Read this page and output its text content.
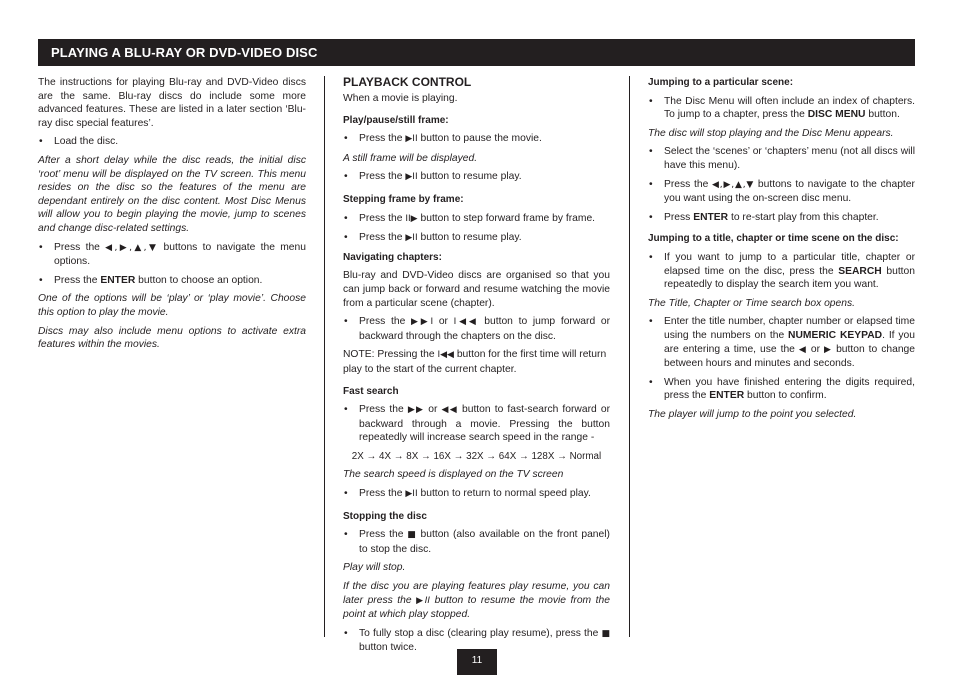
PLAYING A BLU-RAY OR DVD-VIDEO DISC

The instructions for playing Blu-ray and DVD-Video discs are the same. Blu-ray discs do include some more advanced features. These are listed in a later section ‘Blu-ray disc special features’.

• Load the disc.

After a short delay while the disc reads, the initial disc ‘root’ menu will be displayed on the TV screen. This menu resides on the disc so the features of the menu are dependant entirely on the disc content. Most Disc Menus will allow you to begin playing the movie, jump to scenes and change disc-related settings.

• Press the ◀,▶,▲,▼ buttons to navigate the menu options.
• Press the ENTER button to choose an option.

One of the options will be ‘play’ or ‘play movie’. Choose this option to play the movie.

Discs may also include menu options to activate extra features within the movies.

PLAYBACK CONTROL

When a movie is playing.

Play/pause/still frame:
• Press the ▶II button to pause the movie.

A still frame will be displayed.

• Press the ▶II button to resume play.
Stepping frame by frame:
• Press the II▶ button to step forward frame by frame.
• Press the ▶II button to resume play.
Navigating chapters:

Blu-ray and DVD-Video discs are organised so that you can jump back or forward and resume watching the movie from a particular scene (chapter).

• Press the ▶▶I or I◀◀ button to jump forward or backward through the chapters on the disc.

NOTE: Pressing the I◀◀ button for the first time will return play to the start of the current chapter.

Fast search
• Press the ▶▶ or ◀◀ button to fast-search forward or backward through a movie. Pressing the button repeatedly will increase search speed in the range -

2X → 4X → 8X → 16X → 32X → 64X → 128X → Normal

The search speed is displayed on the TV screen

• Press the ▶II button to return to normal speed play.
Stopping the disc
• Press the ■ button (also available on the front panel) to stop the disc.

Play will stop.

If the disc you are playing features play resume, you can later press the ▶II button to resume the movie from the point at which play stopped.

• To fully stop a disc (clearing play resume), press the ■ button twice.
Jumping to a particular scene:
• The Disc Menu will often include an index of chapters. To jump to a chapter, press the DISC MENU button.

The disc will stop playing and the Disc Menu appears.

• Select the ‘scenes’ or ‘chapters’ menu (not all discs will have this menu).
• Press the ◀,▶,▲,▼ buttons to navigate to the chapter you want using the on-screen disc menu.
• Press ENTER to re-start play from this chapter.
Jumping to a title, chapter or time scene on the disc:
• If you want to jump to a particular title, chapter or elapsed time on the disc, press the SEARCH button repeatedly to display the search item you want.

The Title, Chapter or Time search box opens.

• Enter the title number, chapter number or elapsed time using the numbers on the NUMERIC KEYPAD. If you are entering a time, use the ◀ or ▶ button to change between hours and minutes and seconds.
• When you have finished entering the digits required, press the ENTER button to confirm.

The player will jump to the point you selected.

11
